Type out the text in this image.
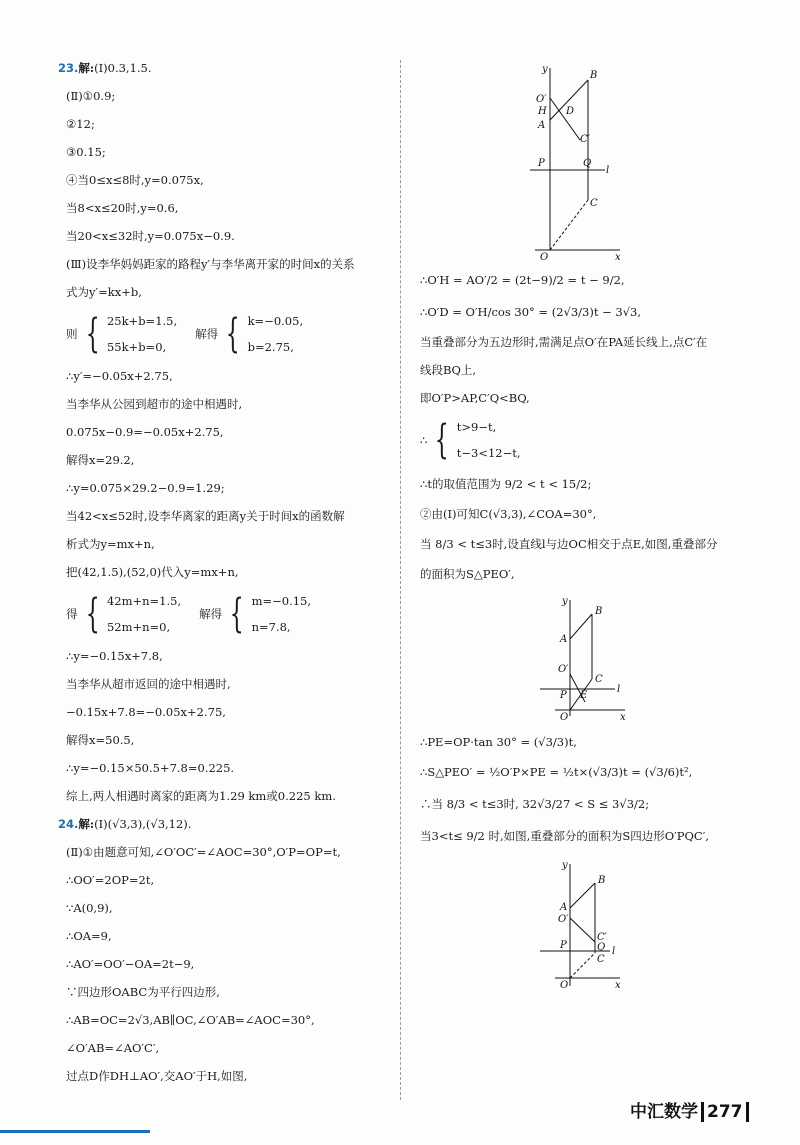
23.解:(Ⅰ)0.3,1.5.
(Ⅱ)①0.9;
②12;
③0.15;
④当0≤x≤8时,y=0.075x,
当8<x≤20时,y=0.6,
当20<x≤32时,y=0.075x−0.9.
(Ⅲ)设李华妈妈距家的路程y′与李华离开家的时间x的关系
式为y′=kx+b,
则 { 25k+b=1.5,
55k+b=0,
解得 { k=−0.05,
b=2.75,
∴y′=−0.05x+2.75,
当李华从公园到超市的途中相遇时,
0.075x−0.9=−0.05x+2.75,
解得x=29.2,
∴y=0.075×29.2−0.9=1.29;
当42<x≤52时,设李华离家的距离y关于时间x的函数解
析式为y=mx+n,
把(42,1.5),(52,0)代入y=mx+n,
得 { 42m+n=1.5,
52m+n=0,
解得 { m=−0.15,
n=7.8,
∴y=−0.15x+7.8,
当李华从超市返回的途中相遇时,
−0.15x+7.8=−0.05x+2.75,
解得x=50.5,
∴y=−0.15×50.5+7.8=0.225.
综上,两人相遇时离家的距离为1.29 km或0.225 km.
24.解:(Ⅰ)(√3,3),(√3,12).
(Ⅱ)①由题意可知,∠O′OC′=∠AOC=30°,O′P=OP=t,
∴OO′=2OP=2t,
∵A(0,9),
∴OA=9,
∴AO′=OO′−OA=2t−9,
∵四边形OABC为平行四边形,
∴AB=OC=2√3,AB∥OC,∠O′AB=∠AOC=30°,
∠O′AB=∠AO′C′,
过点D作DH⊥AO′,交AO′于H,如图,
y
x
O
B
O′
H D
A
C′
P	Q
l
C
∴O′H = AO′/2 = (2t−9)/2 = t − 9/2,
∴O′D = O′H/cos 30° = (2√3/3)t − 3√3,
当重叠部分为五边形时,需满足点O′在PA延长线上,点C′在
线段BQ上,
即O′P>AP,C′Q<BQ,
∴ { t>9−t,
t−3<12−t,
∴t的取值范围为 9/2 < t < 15/2;
②由(Ⅰ)可知C(√3,3),∠COA=30°,
当 8/3 < t≤3时,设直线l与边OC相交于点E,如图,重叠部分
的面积为S△PEO′,
y
x
O
B
A
O′
C
P E
l
∴PE=OP·tan 30° = (√3/3)t,
∴S△PEO′ = ½O′P×PE = ½t×(√3/3)t = (√3/6)t²,
∴当 8/3 < t≤3时, 32√3/27 < S ≤ 3√3/2;
当3<t≤ 9/2 时,如图,重叠部分的面积为S四边形O′PQC′,
y
x
O
B
A
O′
C′
P	Q
C
l
中汇数学 277
